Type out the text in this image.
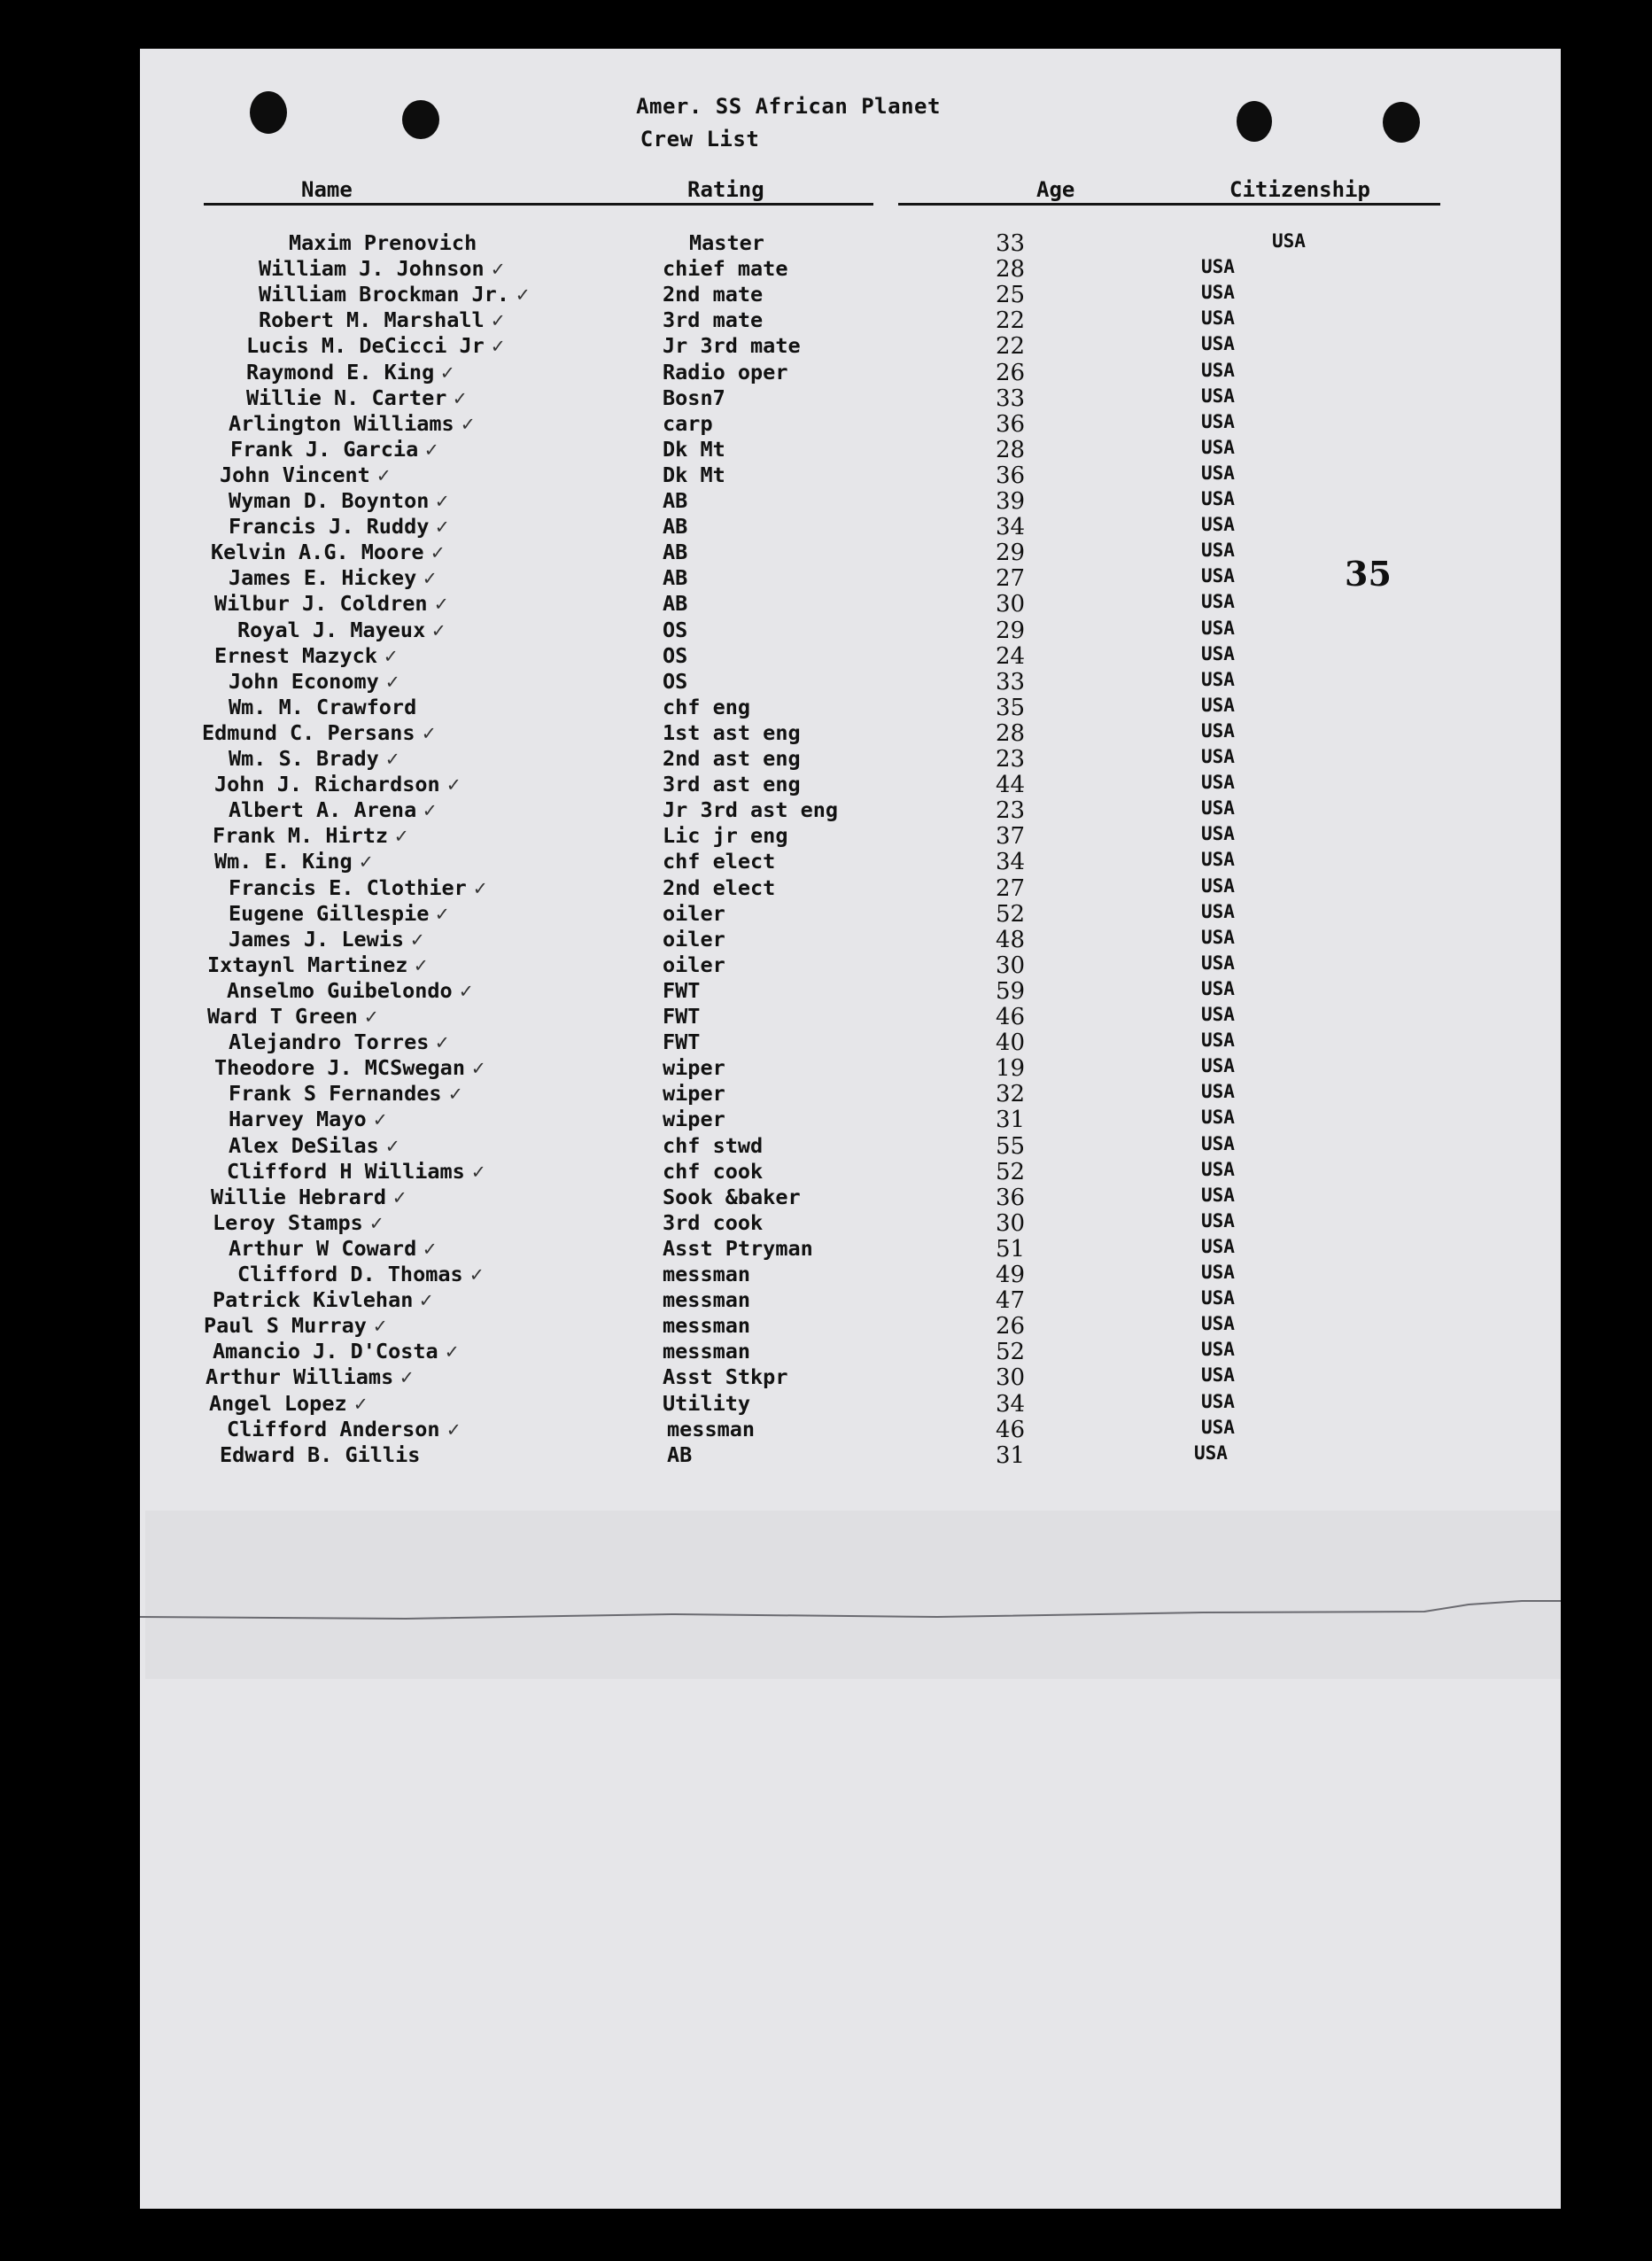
Amer. SS African Planet
Crew List
Name	Rating	Age	Citizenship
Maxim Prenovich	Master	33	USA
William J. Johnson ✓	chief mate	28	USA
William Brockman Jr. ✓	2nd mate	25	USA
Robert M. Marshall ✓	3rd mate	22	USA
Lucis M. DeCicci Jr ✓	Jr 3rd mate	22	USA
Raymond E. King ✓	Radio oper	26	USA
Willie N. Carter ✓	Bosn7	33	USA
Arlington Williams ✓	carp	36	USA
Frank J. Garcia ✓	Dk Mt	28	USA
John Vincent ✓	Dk Mt	36	USA
Wyman D. Boynton ✓	AB	39	USA
Francis J. Ruddy ✓	AB	34	USA
Kelvin A.G. Moore ✓	AB	29	USA
James E. Hickey ✓	AB	27	USA
Wilbur J. Coldren ✓	AB	30	USA
Royal J. Mayeux ✓	OS	29	USA
Ernest Mazyck ✓	OS	24	USA
John Economy ✓	OS	33	USA
Wm. M. Crawford	chf eng	35	USA
Edmund C. Persans ✓	1st ast eng	28	USA
Wm. S. Brady ✓	2nd ast eng	23	USA
John J. Richardson ✓	3rd ast eng	44	USA
Albert A. Arena ✓	Jr 3rd ast eng	23	USA
Frank M. Hirtz ✓	Lic jr eng	37	USA
Wm. E. King ✓	chf elect	34	USA
Francis E. Clothier ✓	2nd elect	27	USA
Eugene Gillespie ✓	oiler	52	USA
James J. Lewis ✓	oiler	48	USA
Ixtaynl Martinez ✓	oiler	30	USA
Anselmo Guibelondo ✓	FWT	59	USA
Ward T Green ✓	FWT	46	USA
Alejandro Torres ✓	FWT	40	USA
Theodore J. MCSwegan ✓	wiper	19	USA
Frank S Fernandes ✓	wiper	32	USA
Harvey Mayo ✓	wiper	31	USA
Alex DeSilas ✓	chf stwd	55	USA
Clifford H Williams ✓	chf cook	52	USA
Willie Hebrard ✓	Sook &baker	36	USA
Leroy Stamps ✓	3rd cook	30	USA
Arthur W Coward ✓	Asst Ptryman	51	USA
Clifford D. Thomas ✓	messman	49	USA
Patrick Kivlehan ✓	messman	47	USA
Paul S Murray ✓	messman	26	USA
Amancio J. D'Costa ✓	messman	52	USA
Arthur Williams ✓	Asst Stkpr	30	USA
Angel Lopez ✓	Utility	34	USA
Clifford Anderson ✓	messman	46	USA
Edward B. Gillis	AB	31	USA
35
